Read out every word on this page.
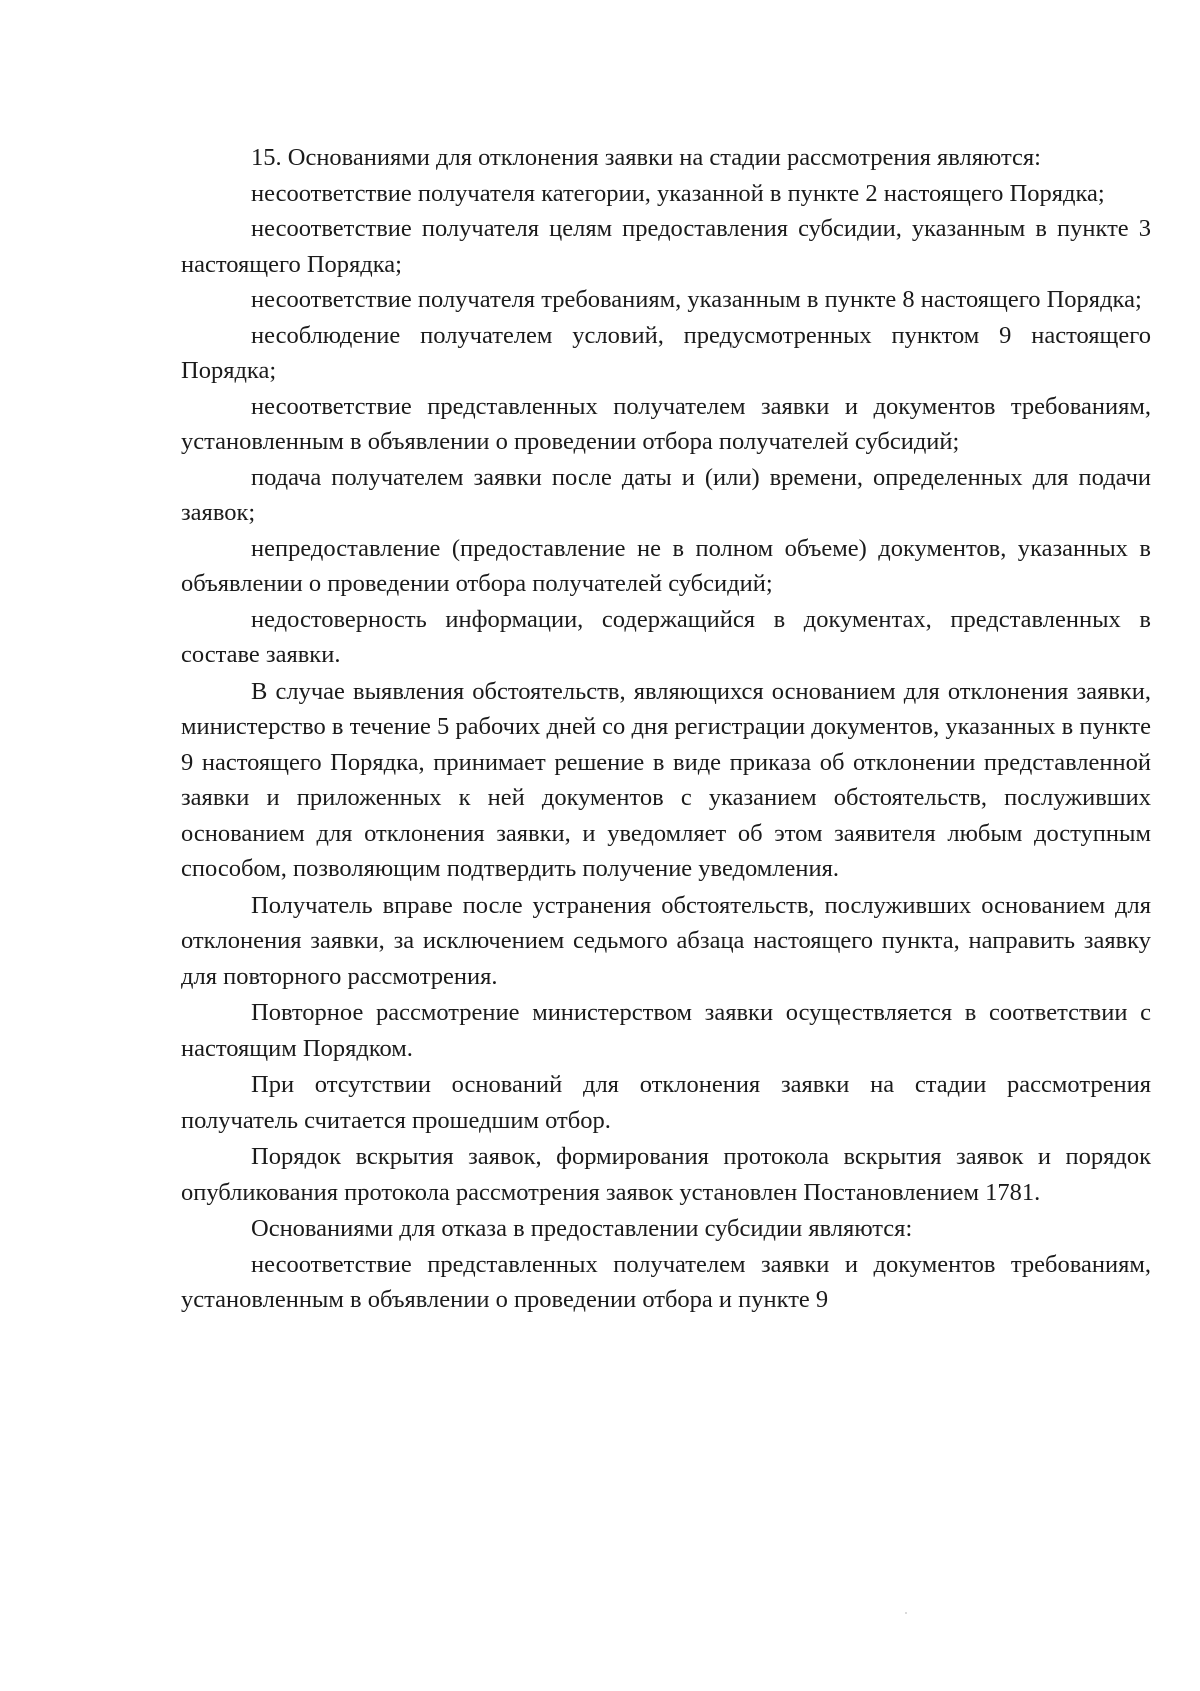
15. Основаниями для отклонения заявки на стадии рассмотрения являются:

несоответствие получателя категории, указанной в пункте 2 настоящего Порядка;

несоответствие получателя целям предоставления субсидии, указанным в пункте 3 настоящего Порядка;

несоответствие получателя требованиям, указанным в пункте 8 настоящего Порядка;

несоблюдение получателем условий, предусмотренных пунктом 9 настоящего Порядка;

несоответствие представленных получателем заявки и документов требованиям, установленным в объявлении о проведении отбора получателей субсидий;

подача получателем заявки после даты и (или) времени, определенных для подачи заявок;

непредоставление (предоставление не в полном объеме) документов, указанных в объявлении о проведении отбора получателей субсидий;

недостоверность информации, содержащийся в документах, представленных в составе заявки.

В случае выявления обстоятельств, являющихся основанием для отклонения заявки, министерство в течение 5 рабочих дней со дня регистрации документов, указанных в пункте 9 настоящего Порядка, принимает решение в виде приказа об отклонении представленной заявки и приложенных к ней документов с указанием обстоятельств, послуживших основанием для отклонения заявки, и уведомляет об этом заявителя любым доступным способом, позволяющим подтвердить получение уведомления.

Получатель вправе после устранения обстоятельств, послуживших основанием для отклонения заявки, за исключением седьмого абзаца настоящего пункта, направить заявку для повторного рассмотрения.

Повторное рассмотрение министерством заявки осуществляется в соответствии с настоящим Порядком.

При отсутствии оснований для отклонения заявки на стадии рассмотрения получатель считается прошедшим отбор.

Порядок вскрытия заявок, формирования протокола вскрытия заявок и порядок опубликования протокола рассмотрения заявок установлен Постановлением 1781.

Основаниями для отказа в предоставлении субсидии являются:

несоответствие представленных получателем заявки и документов требованиям, установленным в объявлении о проведении отбора и пункте 9
